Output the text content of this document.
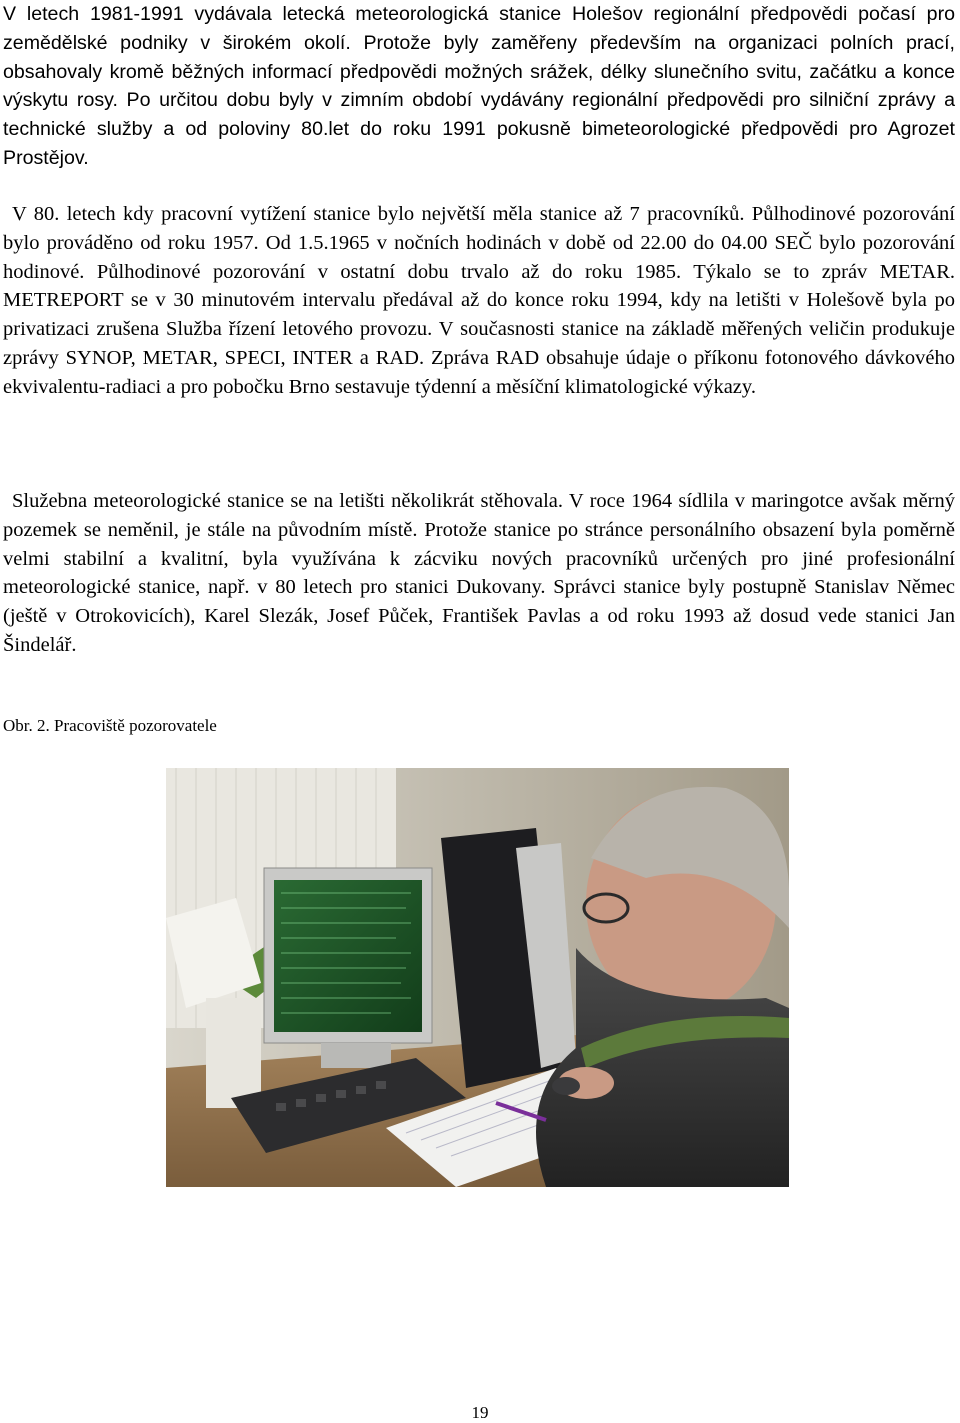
V letech 1981-1991 vydávala letecká meteorologická stanice Holešov regionální předpovědi počasí pro zemědělské podniky v širokém okolí. Protože byly zaměřeny především na organizaci polních prací, obsahovaly kromě běžných informací předpovědi možných srážek, délky slunečního svitu, začátku a konce výskytu rosy. Po určitou dobu byly v zimním období vydávány regionální předpovědi pro silniční zprávy a technické služby a od poloviny 80.let do roku 1991 pokusně bimeteorologické předpovědi pro Agrozet Prostějov.

V 80. letech kdy pracovní vytížení stanice bylo největší měla stanice až 7 pracovníků. Půlhodinové pozorování bylo prováděno od roku 1957. Od 1.5.1965 v nočních hodinách v době od 22.00 do 04.00 SEČ bylo pozorování hodinové. Půlhodinové pozorování v ostatní dobu trvalo až do roku 1985. Týkalo se to zpráv METAR. METREPORT se v 30 minutovém intervalu předával až do konce roku 1994, kdy na letišti v Holešově byla po privatizaci zrušena Služba řízení letového provozu. V současnosti stanice na základě měřených veličin produkuje zprávy SYNOP, METAR, SPECI, INTER a RAD. Zpráva RAD obsahuje údaje o příkonu fotonového dávkového ekvivalentu-radiaci a pro pobočku Brno sestavuje týdenní a měsíční klimatologické výkazy.

Služebna meteorologické stanice se na letišti několikrát stěhovala. V roce 1964 sídlila v maringotce avšak měrný pozemek se neměnil, je stále na původním místě. Protože stanice po stránce personálního obsazení byla poměrně velmi stabilní a kvalitní, byla využívána k zácviku nových pracovníků určených pro jiné profesionální meteorologické stanice, např. v 80 letech pro stanici Dukovany. Správci stanice byly postupně Stanislav Němec (ještě v Otrokovicích), Karel Slezák, Josef Půček, František Pavlas a od roku 1993 až dosud vede stanici Jan Šindelář.

Obr. 2. Pracoviště pozorovatele
19
